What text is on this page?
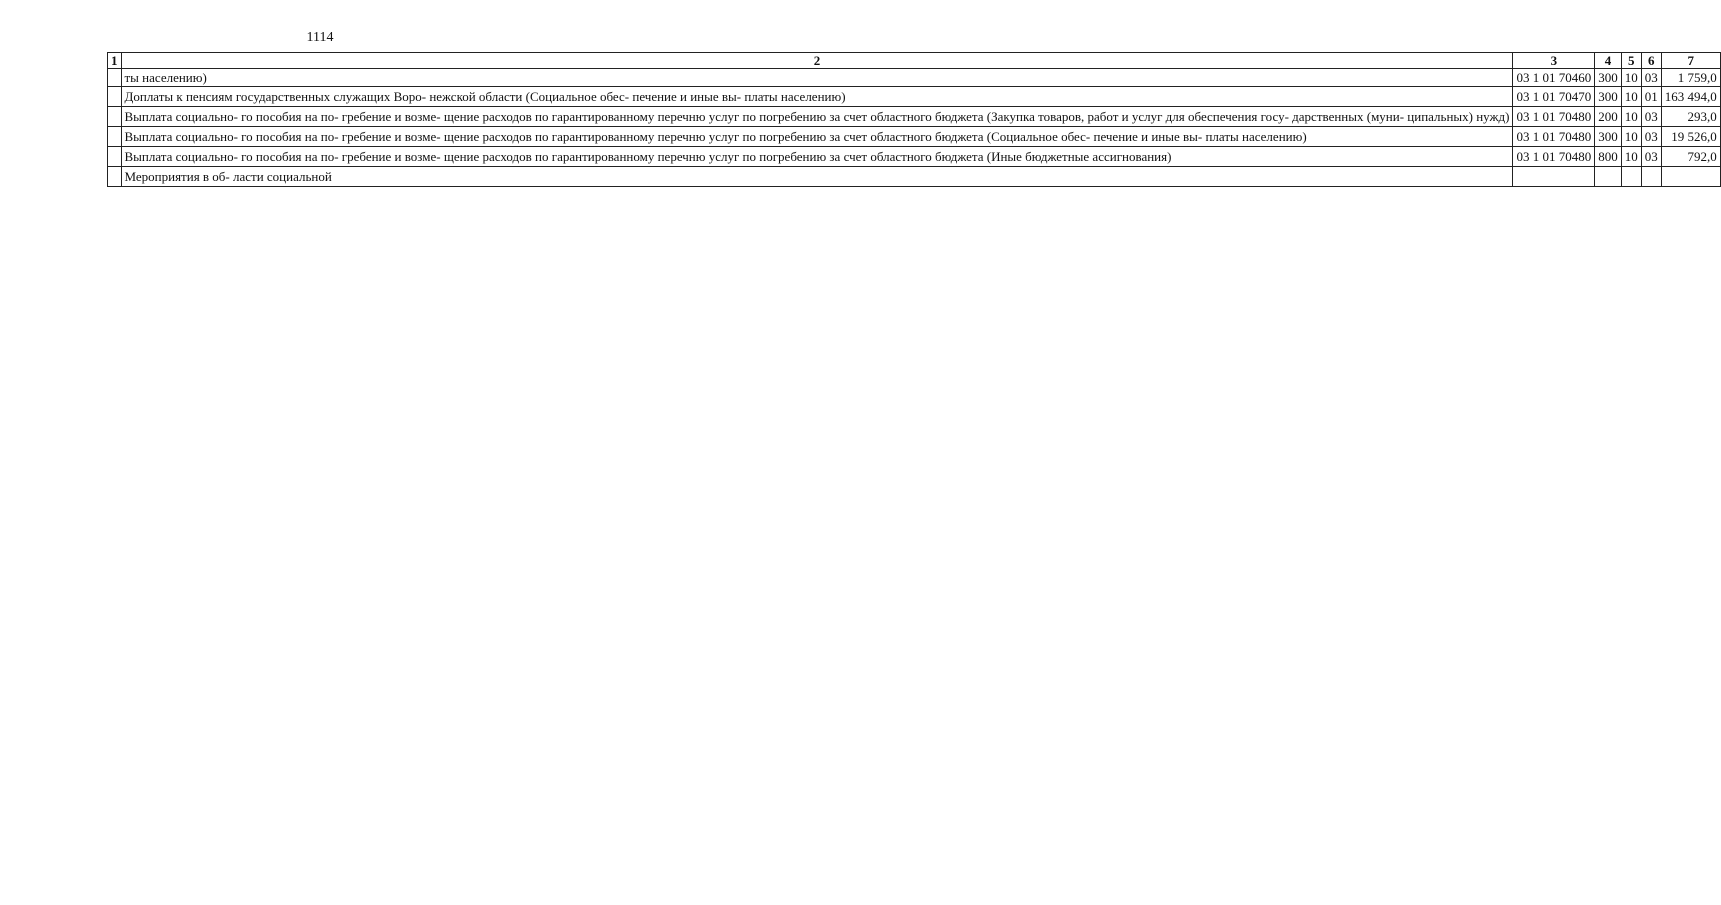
1114
1	2	3	4	5	6	7
	ты населению)	03 1 01 70460	300	10	03	1 759,0
	Доплаты к пенсиям государственных служащих Воро- нежской области (Социальное обес- печение и иные вы- платы населению)	03 1 01 70470	300	10	01	163 494,0
	Выплата социально- го пособия на по- гребение и возме- щение расходов по гарантированному перечню услуг по погребению за счет областного бюджета (Закупка товаров, работ и услуг для обеспечения госу- дарственных (муни- ципальных) нужд)	03 1 01 70480	200	10	03	293,0
	Выплата социально- го пособия на по- гребение и возме- щение расходов по гарантированному перечню услуг по погребению за счет областного бюджета (Социальное обес- печение и иные вы- платы населению)	03 1 01 70480	300	10	03	19 526,0
	Выплата социально- го пособия на по- гребение и возме- щение расходов по гарантированному перечню услуг по погребению за счет областного бюджета (Иные бюджетные ассигнования)	03 1 01 70480	800	10	03	792,0
	Мероприятия в об- ласти социальной					
